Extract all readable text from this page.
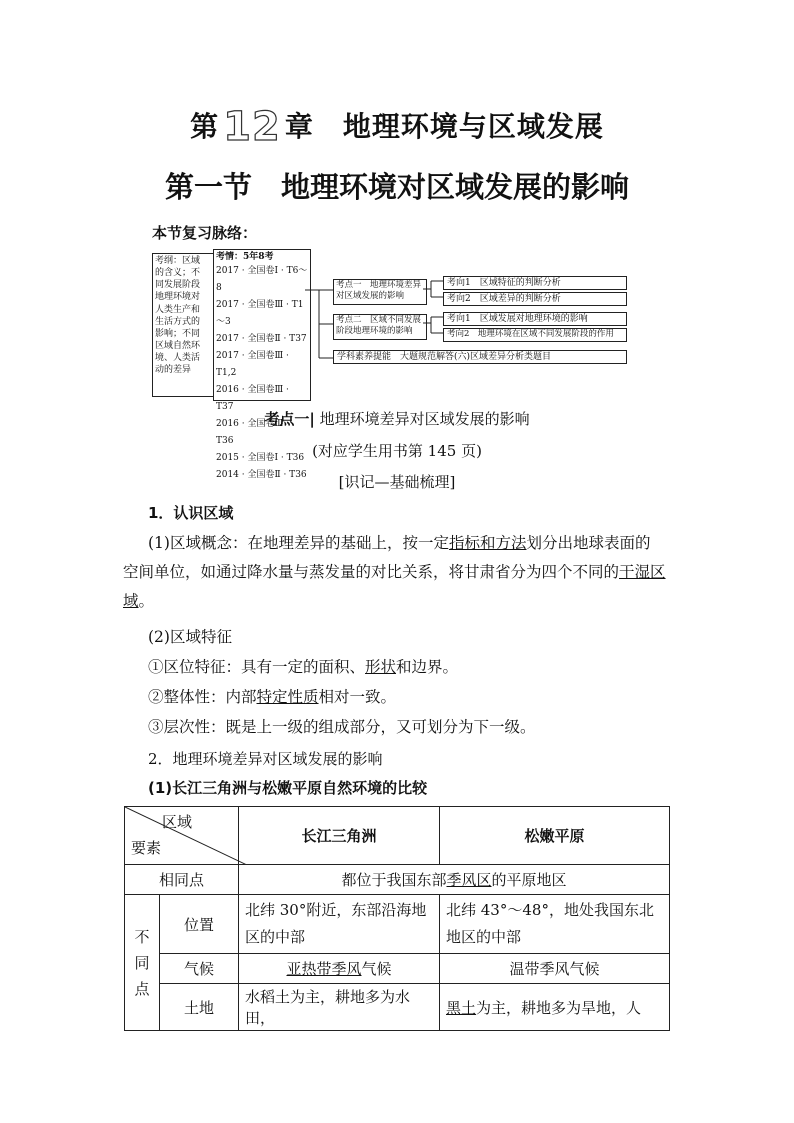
第 12 章　 地理环境与区域发展
第一节　地理环境对区域发展的影响
本节复习脉络：
考纲：区域
的含义；不
同发展阶段
地理环境对
人类生产和
生活方式的
影响；不同
区域自然环
境、人类活
动的差异
考情：5年8考
2017 · 全国卷Ⅰ · T6～8
2017 · 全国卷Ⅲ · T1～3
2017 · 全国卷Ⅱ · T37
2017 · 全国卷Ⅲ · T1,2
2016 · 全国卷Ⅲ · T37
2016 · 全国卷Ⅲ · T36
2015 · 全国卷Ⅰ · T36
2014 · 全国卷Ⅱ · T36
考点一　地理环境差异对区域发展的影响
考点二　区域不同发展阶段地理环境的影响
考向1　区域特征的判断分析
考向2　区域差异的判断分析
考向1　区域发展对地理环境的影响
考向2　地理环境在区域不同发展阶段的作用
学科素养提能　大题规范解答(六)区域差异分析类题目
考点一| 地理环境差异对区域发展的影响
(对应学生用书第 145 页)
[识记—基础梳理]
1．认识区域
(1)区域概念：在地理差异的基础上，按一定指标和方法划分出地球表面的
空间单位，如通过降水量与蒸发量的对比关系，将甘肃省分为四个不同的干湿区
域。
(2)区域特征
①区位特征：具有一定的面积、形状和边界。
②整体性：内部特定性质相对一致。
③层次性：既是上一级的组成部分，又可划分为下一级。
2．地理环境差异对区域发展的影响
(1)长江三角洲与松嫩平原自然环境的比较
区域
要素		长江三角洲	松嫩平原
相同点		都位于我国东部季风区的平原地区	

不
同
点	位置	北纬 30°附近，东部沿海地区的中部	北纬 43°～48°，地处我国东北地区的中部
	气候	亚热带季风气候	温带季风气候
	土地	水稻土为主，耕地多为水田，	黑土为主，耕地多为旱地，人
